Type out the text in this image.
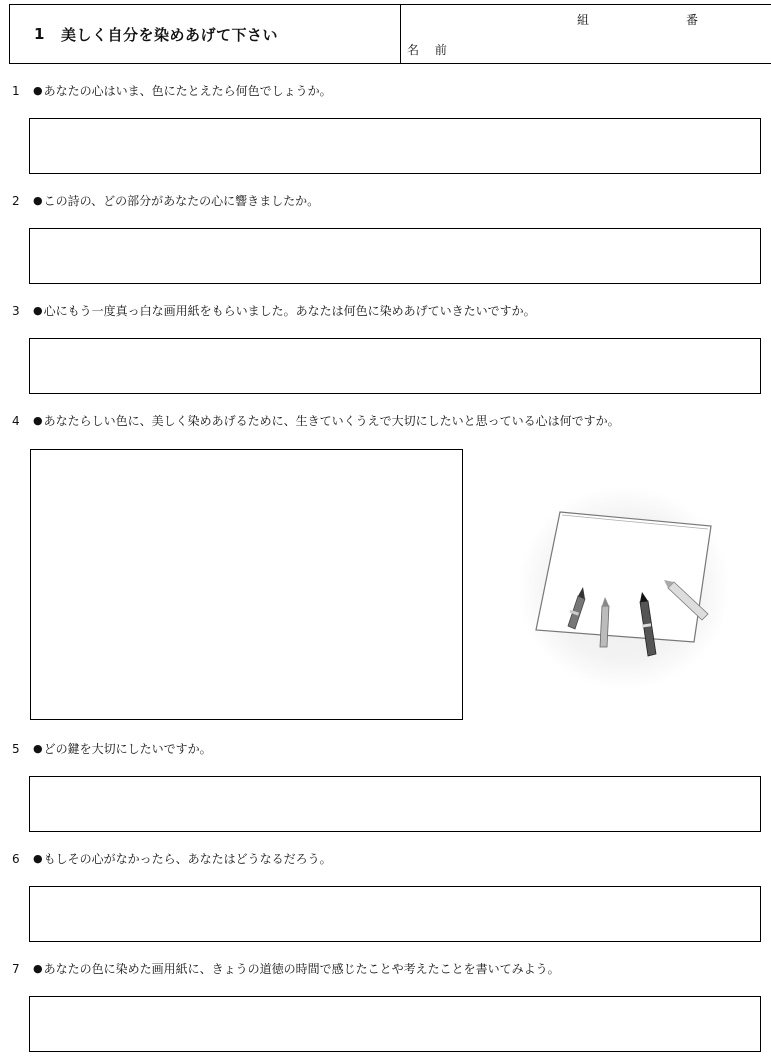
1 美しく自分を染めあげて下さい
組	番
名 前
1	● あなたの心はいま、色にたとえたら何色でしょうか。
2	● この詩の、どの部分があなたの心に響きましたか。
3	● 心にもう一度真っ白な画用紙をもらいました。あなたは何色に染めあげていきたいですか。
4	● あなたらしい色に、美しく染めあげるために、生きていくうえで大切にしたいと思っている心は何ですか。
5	● どの鍵を大切にしたいですか。
6	● もしその心がなかったら、あなたはどうなるだろう。
7	● あなたの色に染めた画用紙に、きょうの道徳の時間で感じたことや考えたことを書いてみよう。
